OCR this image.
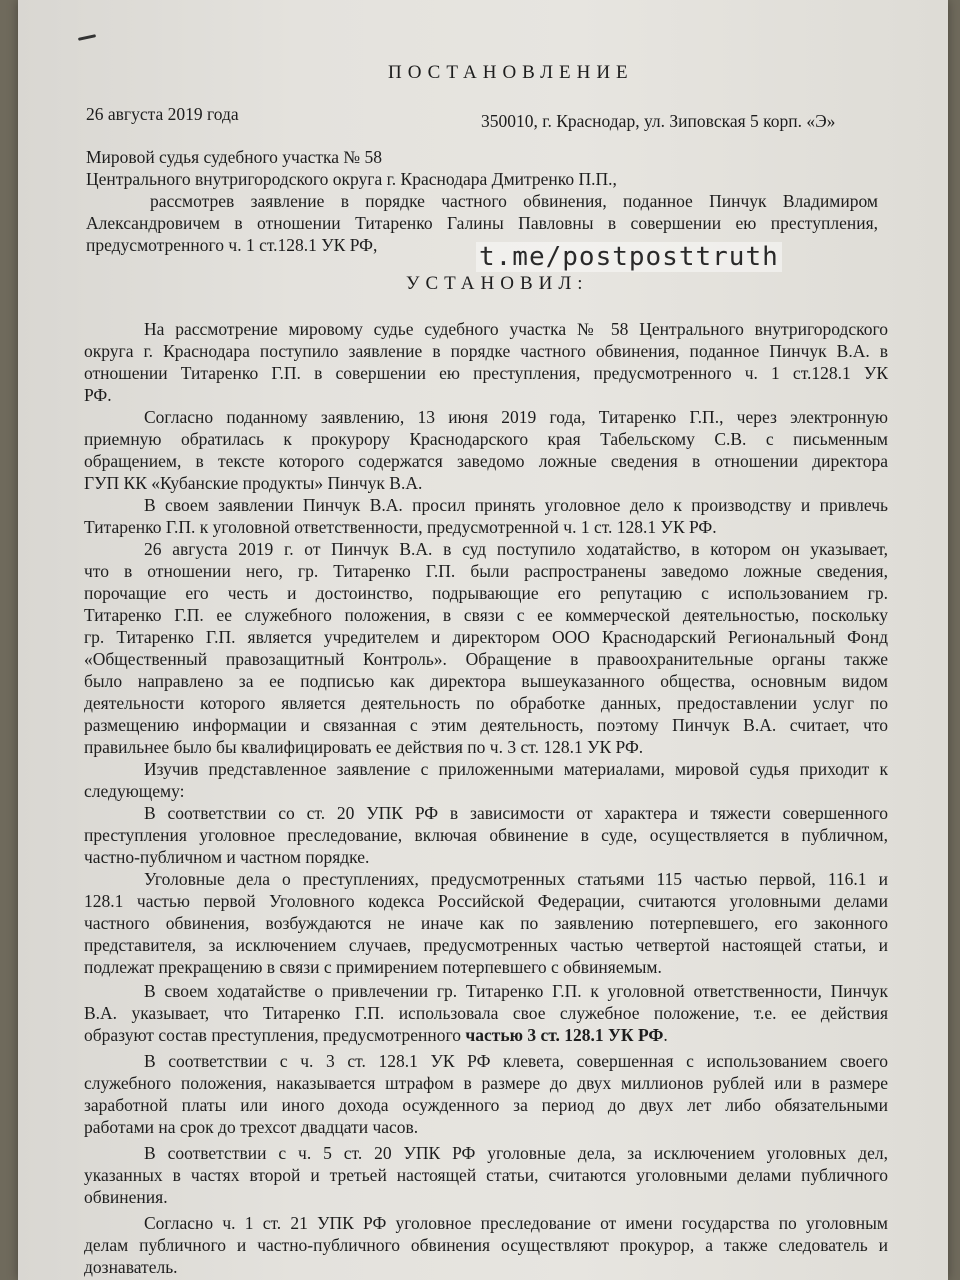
ПОСТАНОВЛЕНИЕ
26 августа 2019 года	350010, г. Краснодар, ул. Зиповская 5 корп. «Э»
Мировой судья судебного участка № 58
Центрального внутригородского округа г. Краснодара Дмитренко П.П.,
рассмотрев заявление в порядке частного обвинения, поданное Пинчук Владимиром
Александровичем в отношении Титаренко Галины Павловны в совершении ею преступления,
предусмотренного ч. 1 ст.128.1 УК РФ,	t.me/postposttruth
УСТАНОВИЛ:
На рассмотрение мировому судье судебного участка № 58 Центрального внутригородского
округа г. Краснодара поступило заявление в порядке частного обвинения, поданное Пинчук В.А. в
отношении Титаренко Г.П. в совершении ею преступления, предусмотренного ч. 1 ст.128.1 УК
РФ.
Согласно поданному заявлению, 13 июня 2019 года, Титаренко Г.П., через электронную
приемную обратилась к прокурору Краснодарского края Табельскому С.В. с письменным
обращением, в тексте которого содержатся заведомо ложные сведения в отношении директора
ГУП КК «Кубанские продукты» Пинчук В.А.
В своем заявлении Пинчук В.А. просил принять уголовное дело к производству и привлечь
Титаренко Г.П. к уголовной ответственности, предусмотренной ч. 1 ст. 128.1 УК РФ.
26 августа 2019 г. от Пинчук В.А. в суд поступило ходатайство, в котором он указывает,
что в отношении него, гр. Титаренко Г.П. были распространены заведомо ложные сведения,
порочащие его честь и достоинство, подрывающие его репутацию с использованием гр.
Титаренко Г.П. ее служебного положения, в связи с ее коммерческой деятельностью, поскольку
гр. Титаренко Г.П. является учредителем и директором ООО Краснодарский Региональный Фонд
«Общественный правозащитный Контроль». Обращение в правоохранительные органы также
было направлено за ее подписью как директора вышеуказанного общества, основным видом
деятельности которого является деятельность по обработке данных, предоставлении услуг по
размещению информации и связанная с этим деятельность, поэтому Пинчук В.А. считает, что
правильнее было бы квалифицировать ее действия по ч. 3 ст. 128.1 УК РФ.
Изучив представленное заявление с приложенными материалами, мировой судья приходит к
следующему:
В соответствии со ст. 20 УПК РФ в зависимости от характера и тяжести совершенного
преступления уголовное преследование, включая обвинение в суде, осуществляется в публичном,
частно-публичном и частном порядке.
Уголовные дела о преступлениях, предусмотренных статьями 115 частью первой, 116.1 и
128.1 частью первой Уголовного кодекса Российской Федерации, считаются уголовными делами
частного обвинения, возбуждаются не иначе как по заявлению потерпевшего, его законного
представителя, за исключением случаев, предусмотренных частью четвертой настоящей статьи, и
подлежат прекращению в связи с примирением потерпевшего с обвиняемым.
В своем ходатайстве о привлечении гр. Титаренко Г.П. к уголовной ответственности, Пинчук
В.А. указывает, что Титаренко Г.П. использовала свое служебное положение, т.е. ее действия
образуют состав преступления, предусмотренного частью 3 ст. 128.1 УК РФ.
В соответствии с ч. 3 ст. 128.1 УК РФ клевета, совершенная с использованием своего
служебного положения, наказывается штрафом в размере до двух миллионов рублей или в размере
заработной платы или иного дохода осужденного за период до двух лет либо обязательными
работами на срок до трехсот двадцати часов.
В соответствии с ч. 5 ст. 20 УПК РФ уголовные дела, за исключением уголовных дел,
указанных в частях второй и третьей настоящей статьи, считаются уголовными делами публичного
обвинения.
Согласно ч. 1 ст. 21 УПК РФ уголовное преследование от имени государства по уголовным
делам публичного и частно-публичного обвинения осуществляют прокурор, а также следователь и
дознаватель.
